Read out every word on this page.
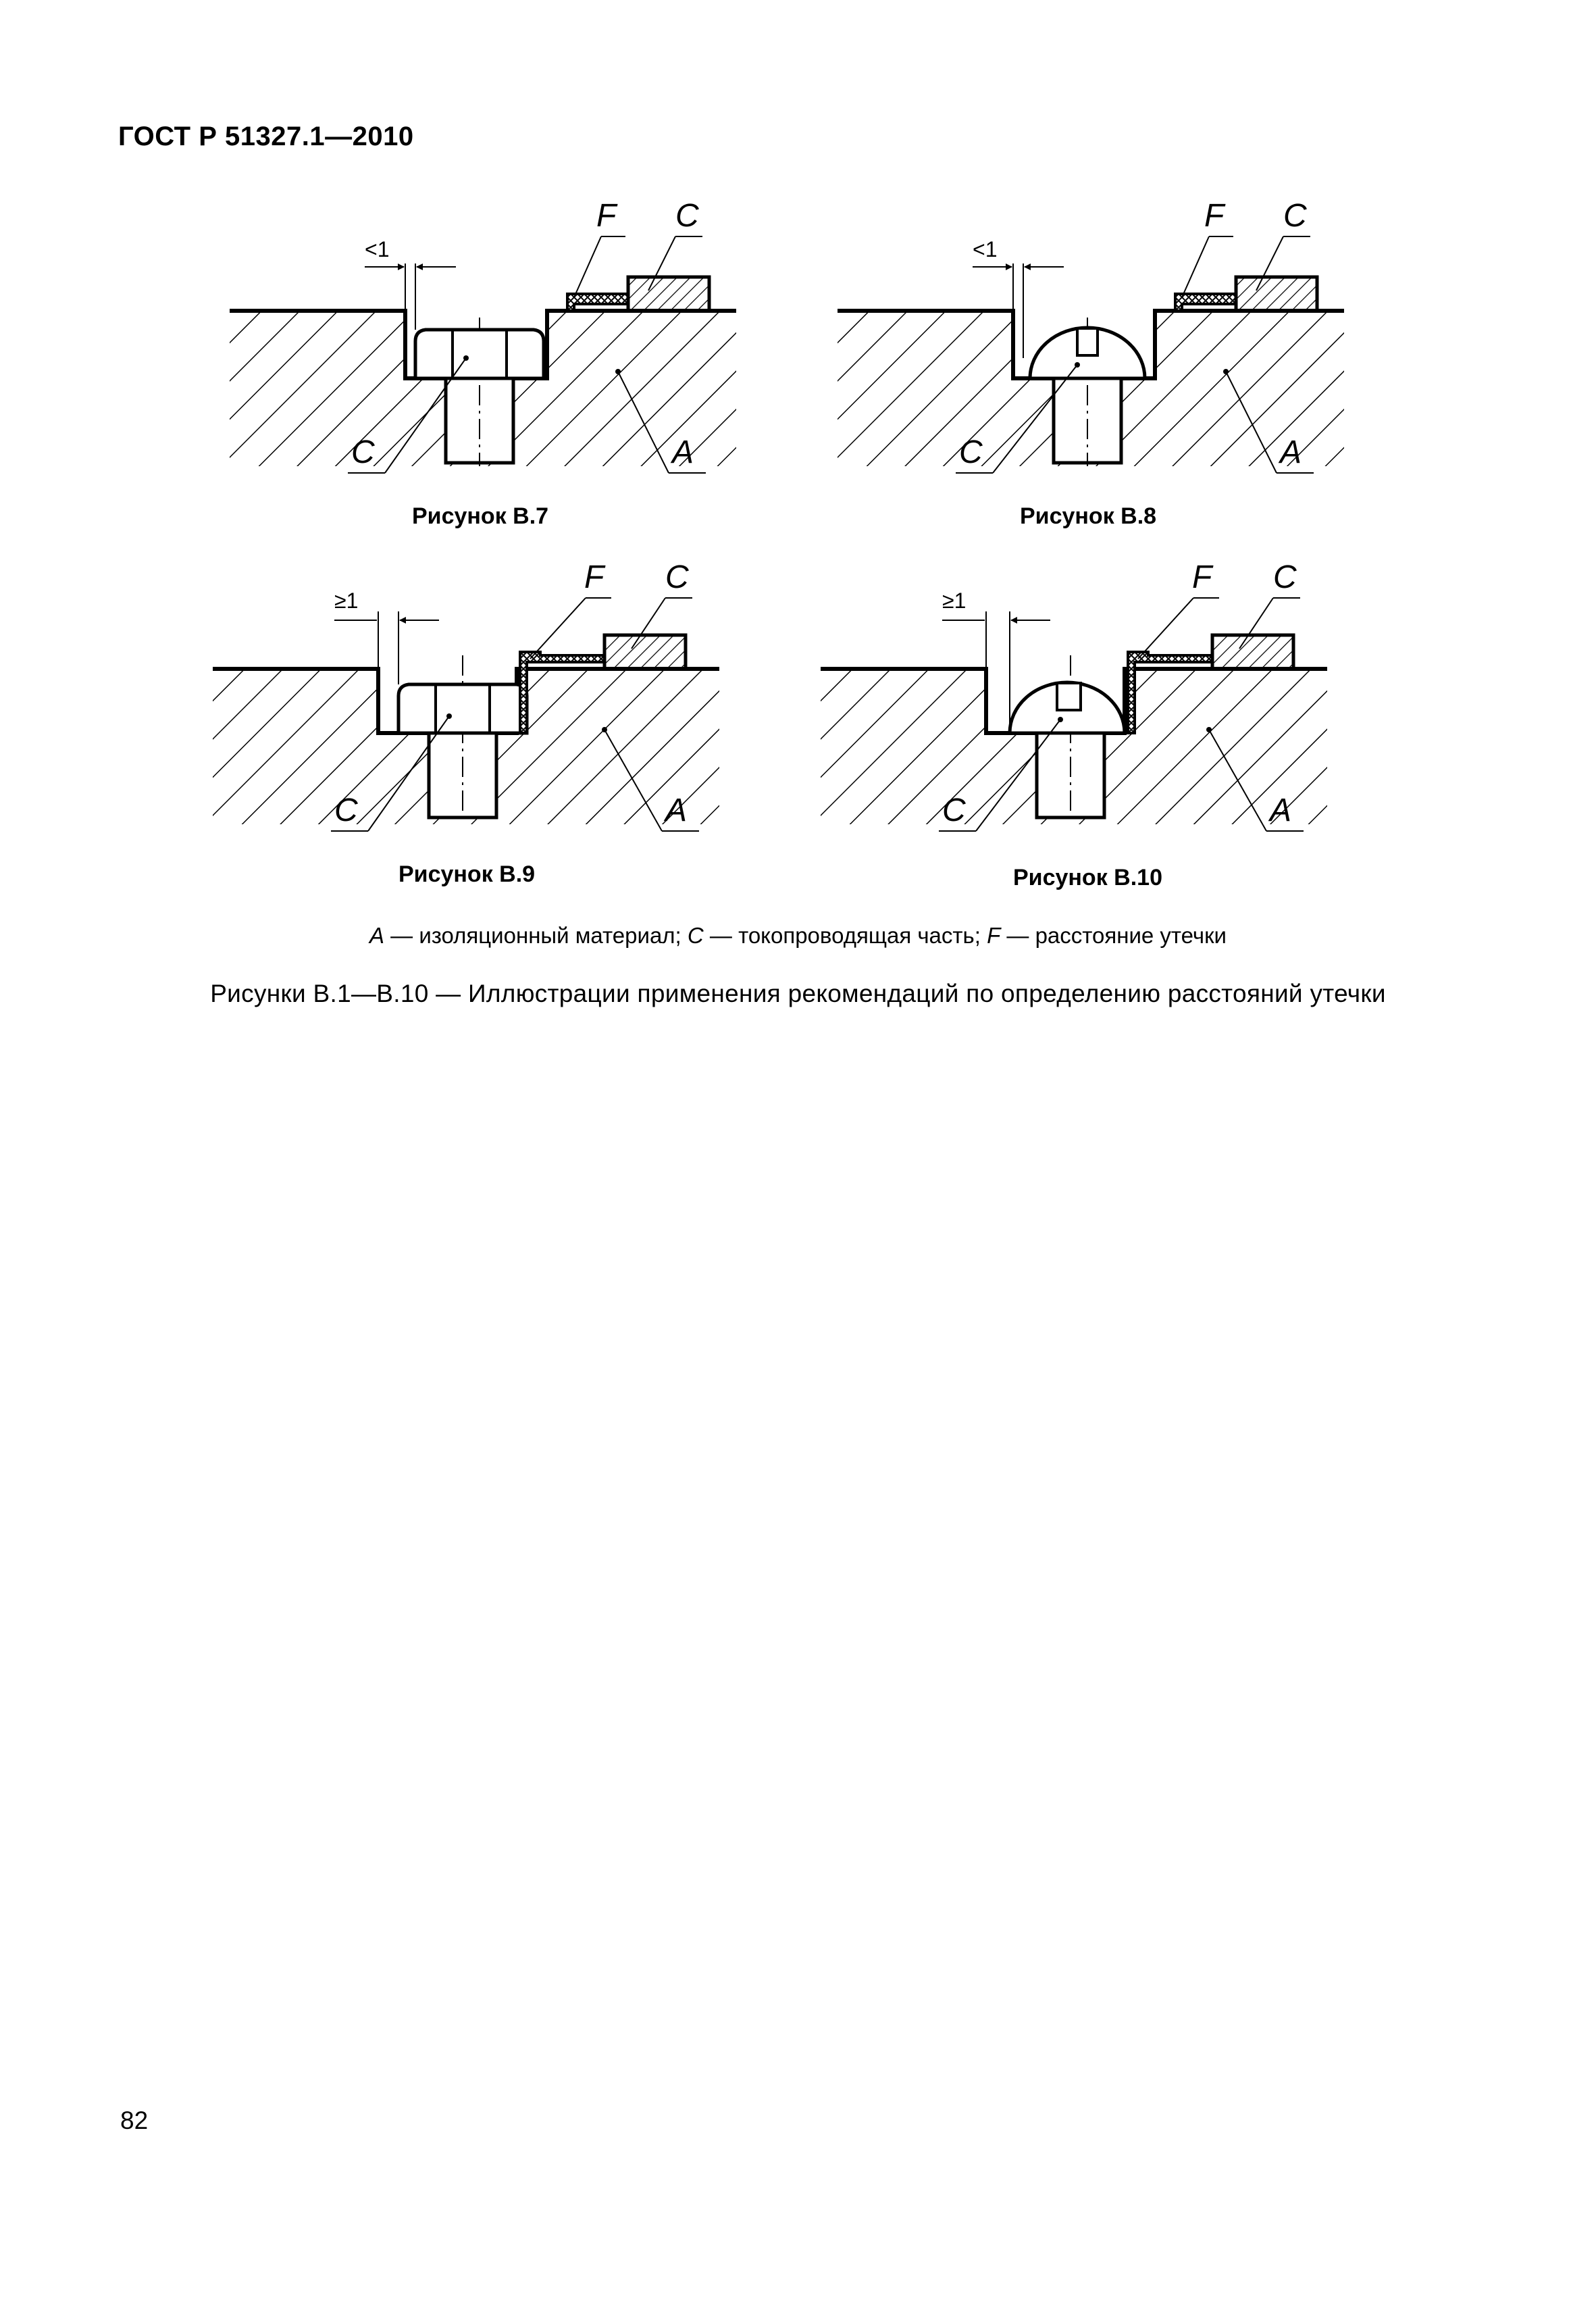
<1
F C
C	A
Рисунок В.7
<1
F C
C	A
Рисунок В.8
≥1
F C
C	A
Рисунок В.9
≥1
F C
C	A
Рисунок В.10
ГОСТ Р 51327.1—2010
A — изоляционный материал; C — токопроводящая часть; F — расстояние утечки
Рисунки В.1—В.10 — Иллюстрации применения рекомендаций по определению расстояний утечки
82
